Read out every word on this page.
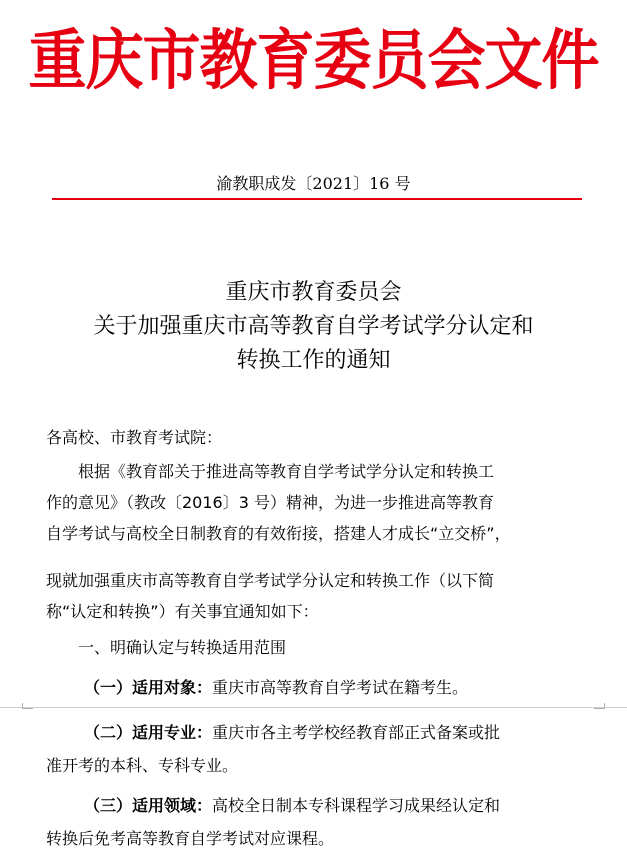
重庆市教育委员会文件
渝教职成发〔2021〕16 号
重庆市教育委员会
关于加强重庆市高等教育自学考试学分认定和
转换工作的通知
各高校、市教育考试院：
　　根据《教育部关于推进高等教育自学考试学分认定和转换工
作的意见》（教改〔2016〕3 号）精神，为进一步推进高等教育
自学考试与高校全日制教育的有效衔接，搭建人才成长“立交桥”，
现就加强重庆市高等教育自学考试学分认定和转换工作（以下简
称“认定和转换”）有关事宜通知如下：
　　一、明确认定与转换适用范围
（一）适用对象：重庆市高等教育自学考试在籍考生。
（二）适用专业：重庆市各主考学校经教育部正式备案或批
准开考的本科、专科专业。
（三）适用领域：高校全日制本专科课程学习成果经认定和
转换后免考高等教育自学考试对应课程。
